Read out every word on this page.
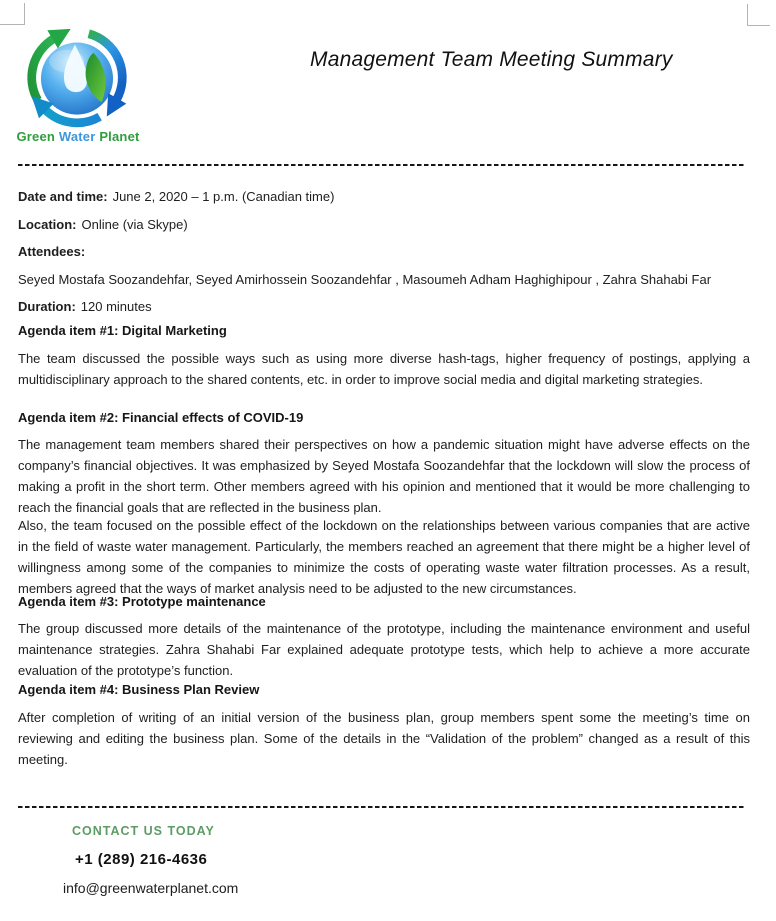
Green Water Planet
Management Team Meeting Summary

Date and time: June 2, 2020 – 1 p.m. (Canadian time)

Location: Online (via Skype)

Attendees:

Seyed Mostafa Soozandehfar, Seyed Amirhossein Soozandehfar , Masoumeh Adham Haghighipour , Zahra Shahabi Far

Duration: 120 minutes

Agenda item #1: Digital Marketing

The team discussed the possible ways such as using more diverse hash-tags, higher frequency of postings, applying a multidisciplinary approach to the shared contents, etc. in order to improve social media and digital marketing strategies.

Agenda item #2: Financial effects of COVID-19

The management team members shared their perspectives on how a pandemic situation might have adverse effects on the company’s financial objectives. It was emphasized by Seyed Mostafa Soozandehfar that the lockdown will slow the process of making a profit in the short term. Other members agreed with his opinion and mentioned that it would be more challenging to reach the financial goals that are reflected in the business plan.

Also, the team focused on the possible effect of the lockdown on the relationships between various companies that are active in the field of waste water management. Particularly, the members reached an agreement that there might be a higher level of willingness among some of the companies to minimize the costs of operating waste water filtration processes. As a result, members agreed that the ways of market analysis need to be adjusted to the new circumstances.

Agenda item #3: Prototype maintenance

The group discussed more details of the maintenance of the prototype, including the maintenance environment and useful maintenance strategies. Zahra Shahabi Far explained adequate prototype tests, which help to achieve a more accurate evaluation of the prototype’s function.

Agenda item #4: Business Plan Review

After completion of writing of an initial version of the business plan, group members spent some the meeting’s time on reviewing and editing the business plan. Some of the details in the “Validation of the problem” changed as a result of this meeting.

CONTACT US TODAY
+1 (289) 216-4636
info@greenwaterplanet.com
